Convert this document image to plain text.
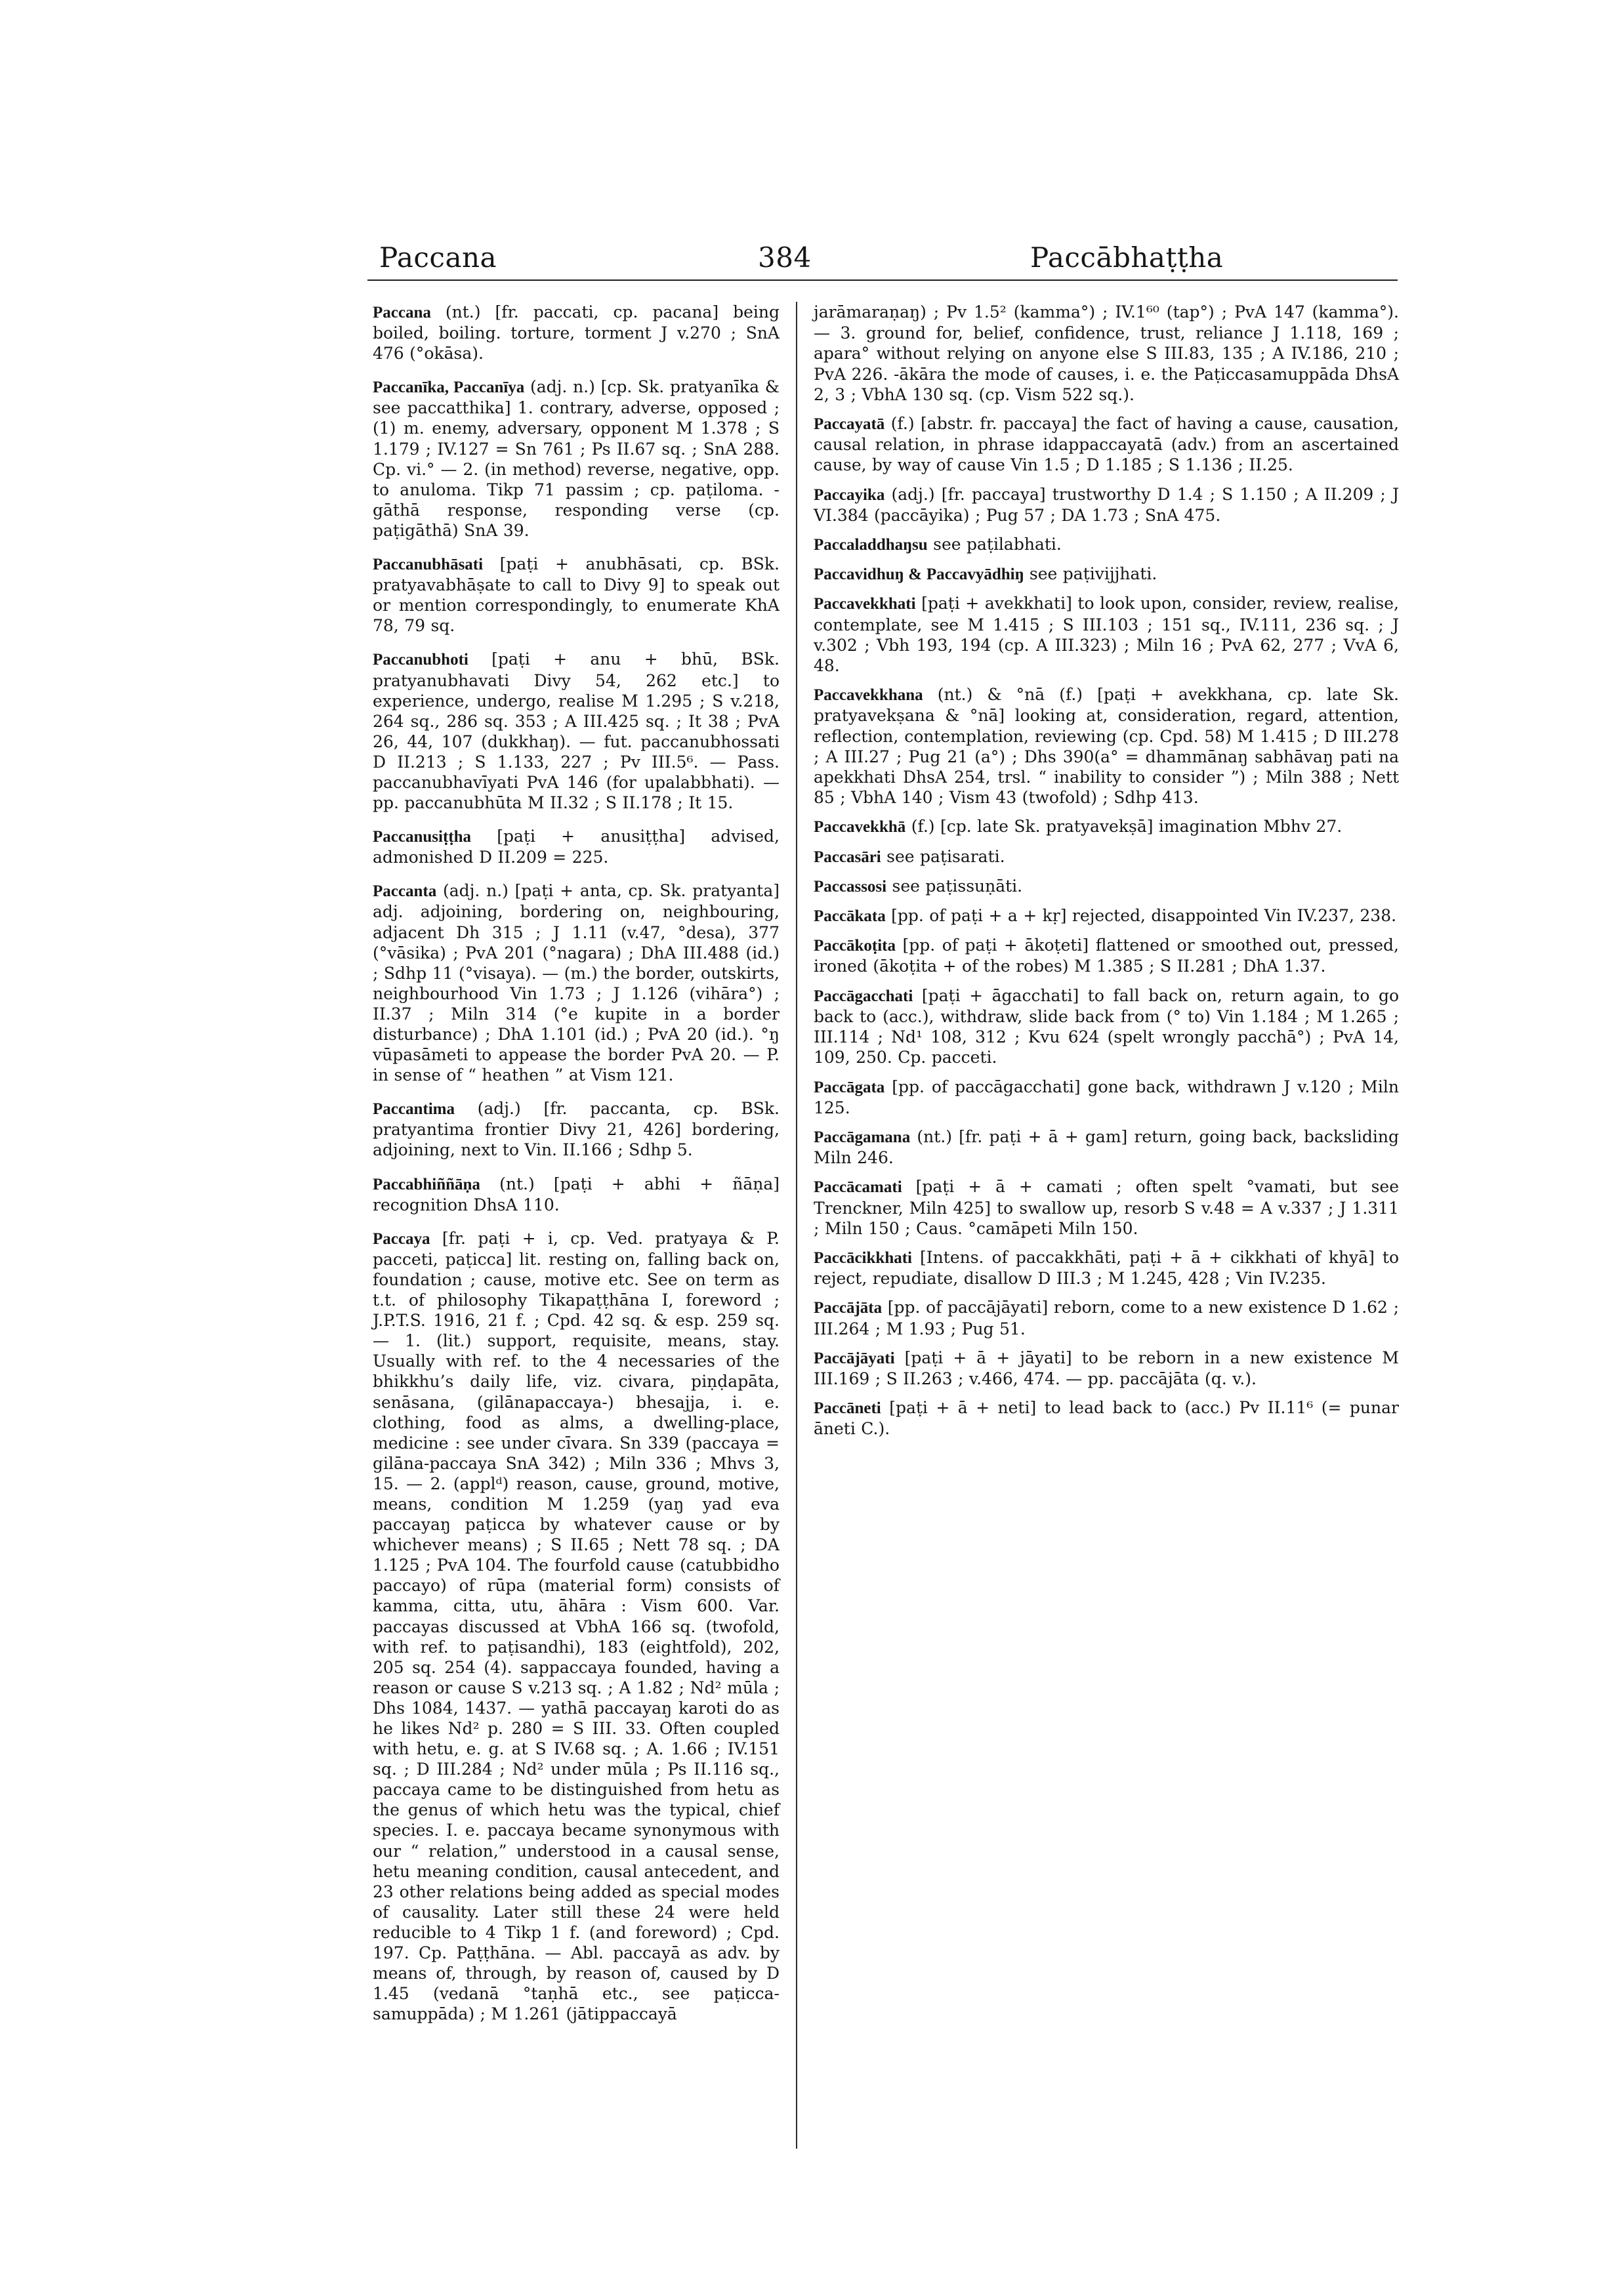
Paccana	384	Paccābhaṭṭha

Paccana (nt.) [fr. paccati, cp. pacana] being boiled, boiling. torture, torment J v.270 ; SnA 476 (°okāsa).

Paccanīka, Paccanīya (adj. n.) [cp. Sk. pratyanīka & see paccatthika] 1. contrary, adverse, opposed ; (1) m. enemy, adversary, opponent M 1.378 ; S 1.179 ; IV.127 = Sn 761 ; Ps II.67 sq. ; SnA 288. Cp. vi.° — 2. (in method) reverse, negative, opp. to anuloma. Tikp 71 passim ; cp. paṭiloma. -gāthā response, responding verse (cp. paṭigāthā) SnA 39.

Paccanubhāsati [paṭi + anubhāsati, cp. BSk. pratyavabhāṣate to call to Divy 9] to speak out or mention correspondingly, to enumerate KhA 78, 79 sq.

Paccanubhoti [paṭi + anu + bhū, BSk. pratyanubhavati Divy 54, 262 etc.] to experience, undergo, realise M 1.295 ; S v.218, 264 sq., 286 sq. 353 ; A III.425 sq. ; It 38 ; PvA 26, 44, 107 (dukkhaŋ). — fut. paccanubhossati D II.213 ; S 1.133, 227 ; Pv III.5⁶. — Pass. paccanubhavīyati PvA 146 (for upalabbhati). — pp. paccanubhūta M II.32 ; S II.178 ; It 15.

Paccanusiṭṭha [paṭi + anusiṭṭha] advised, admonished D II.209 = 225.

Paccanta (adj. n.) [paṭi + anta, cp. Sk. pratyanta] adj. adjoining, bordering on, neighbouring, adjacent Dh 315 ; J 1.11 (v.47, °desa), 377 (°vāsika) ; PvA 201 (°nagara) ; DhA III.488 (id.) ; Sdhp 11 (°visaya). — (m.) the border, outskirts, neighbourhood Vin 1.73 ; J 1.126 (vihāra°) ; II.37 ; Miln 314 (°e kupite in a border disturbance) ; DhA 1.101 (id.) ; PvA 20 (id.). °ŋ vūpasāmeti to appease the border PvA 20. — P. in sense of “ heathen ” at Vism 121.

Paccantima (adj.) [fr. paccanta, cp. BSk. pratyantima frontier Divy 21, 426] bordering, adjoining, next to Vin. II.166 ; Sdhp 5.

Paccabhiññāṇa (nt.) [paṭi + abhi + ñāṇa] recognition DhsA 110.

Paccaya [fr. paṭi + i, cp. Ved. pratyaya & P. pacceti, paṭicca] lit. resting on, falling back on, foundation ; cause, motive etc. See on term as t.t. of philosophy Tikapaṭṭhāna I, foreword ; J.P.T.S. 1916, 21 f. ; Cpd. 42 sq. & esp. 259 sq. — 1. (lit.) support, requisite, means, stay. Usually with ref. to the 4 necessaries of the bhikkhu’s daily life, viz. civara, piṇḍapāta, senāsana, (gilānapaccaya-) bhesajja, i. e. clothing, food as alms, a dwelling-place, medicine : see under cīvara. Sn 339 (paccaya = gilāna-paccaya SnA 342) ; Miln 336 ; Mhvs 3, 15. — 2. (applᵈ) reason, cause, ground, motive, means, condition M 1.259 (yaŋ yad eva paccayaŋ paṭicca by whatever cause or by whichever means) ; S II.65 ; Nett 78 sq. ; DA 1.125 ; PvA 104. The fourfold cause (catubbidho paccayo) of rūpa (material form) consists of kamma, citta, utu, āhāra : Vism 600. Var. paccayas discussed at VbhA 166 sq. (twofold, with ref. to paṭisandhi), 183 (eightfold), 202, 205 sq. 254 (4). sappaccaya founded, having a reason or cause S v.213 sq. ; A 1.82 ; Nd² mūla ; Dhs 1084, 1437. — yathā paccayaŋ karoti do as he likes Nd² p. 280 = S III. 33. Often coupled with hetu, e. g. at S IV.68 sq. ; A. 1.66 ; IV.151 sq. ; D III.284 ; Nd² under mūla ; Ps II.116 sq., paccaya came to be distinguished from hetu as the genus of which hetu was the typical, chief species. I. e. paccaya became synonymous with our “ relation,” understood in a causal sense, hetu meaning condition, causal antecedent, and 23 other relations being added as special modes of causality. Later still these 24 were held reducible to 4 Tikp 1 f. (and foreword) ; Cpd. 197. Cp. Paṭṭhāna. — Abl. paccayā as adv. by means of, through, by reason of, caused by D 1.45 (vedanā °taṇhā etc., see paṭicca-samuppāda) ; M 1.261 (jātippaccayā

jarāmaraṇaŋ) ; Pv 1.5² (kamma°) ; IV.1⁶⁰ (tap°) ; PvA 147 (kamma°). — 3. ground for, belief, confidence, trust, reliance J 1.118, 169 ; apara° without relying on anyone else S III.83, 135 ; A IV.186, 210 ; PvA 226. -ākāra the mode of causes, i. e. the Paṭiccasamuppāda DhsA 2, 3 ; VbhA 130 sq. (cp. Vism 522 sq.).

Paccayatā (f.) [abstr. fr. paccaya] the fact of having a cause, causation, causal relation, in phrase idappaccayatā (adv.) from an ascertained cause, by way of cause Vin 1.5 ; D 1.185 ; S 1.136 ; II.25.

Paccayika (adj.) [fr. paccaya] trustworthy D 1.4 ; S 1.150 ; A II.209 ; J VI.384 (paccāyika) ; Pug 57 ; DA 1.73 ; SnA 475.

Paccaladdhaŋsu see paṭilabhati.

Paccavidhuŋ & Paccavyādhiŋ see paṭivijjhati.

Paccavekkhati [paṭi + avekkhati] to look upon, consider, review, realise, contemplate, see M 1.415 ; S III.103 ; 151 sq., IV.111, 236 sq. ; J v.302 ; Vbh 193, 194 (cp. A III.323) ; Miln 16 ; PvA 62, 277 ; VvA 6, 48.

Paccavekkhana (nt.) & °nā (f.) [paṭi + avekkhana, cp. late Sk. pratyavekṣana & °nā] looking at, consideration, regard, attention, reflection, contemplation, reviewing (cp. Cpd. 58) M 1.415 ; D III.278 ; A III.27 ; Pug 21 (a°) ; Dhs 390(a° = dhammānaŋ sabhāvaŋ pati na apekkhati DhsA 254, trsl. “ inability to consider ”) ; Miln 388 ; Nett 85 ; VbhA 140 ; Vism 43 (twofold) ; Sdhp 413.

Paccavekkhā (f.) [cp. late Sk. pratyavekṣā] imagination Mbhv 27.

Paccasāri see paṭisarati.

Paccassosi see paṭissuṇāti.

Paccākata [pp. of paṭi + a + kṛ] rejected, disappointed Vin IV.237, 238.

Paccākoṭita [pp. of paṭi + ākoṭeti] flattened or smoothed out, pressed, ironed (ākoṭita + of the robes) M 1.385 ; S II.281 ; DhA 1.37.

Paccāgacchati [paṭi + āgacchati] to fall back on, return again, to go back to (acc.), withdraw, slide back from (° to) Vin 1.184 ; M 1.265 ; III.114 ; Nd¹ 108, 312 ; Kvu 624 (spelt wrongly pacchā°) ; PvA 14, 109, 250. Cp. pacceti.

Paccāgata [pp. of paccāgacchati] gone back, withdrawn J v.120 ; Miln 125.

Paccāgamana (nt.) [fr. paṭi + ā + gam] return, going back, backsliding Miln 246.

Paccācamati [paṭi + ā + camati ; often spelt °vamati, but see Trenckner, Miln 425] to swallow up, resorb S v.48 = A v.337 ; J 1.311 ; Miln 150 ; Caus. °camāpeti Miln 150.

Paccācikkhati [Intens. of paccakkhāti, paṭi + ā + cikkhati of khyā] to reject, repudiate, disallow D III.3 ; M 1.245, 428 ; Vin IV.235.

Paccājāta [pp. of paccājāyati] reborn, come to a new existence D 1.62 ; III.264 ; M 1.93 ; Pug 51.

Paccājāyati [paṭi + ā + jāyati] to be reborn in a new existence M III.169 ; S II.263 ; v.466, 474. — pp. paccājāta (q. v.).

Paccāneti [paṭi + ā + neti] to lead back to (acc.) Pv II.11⁶ (= punar āneti C.).
